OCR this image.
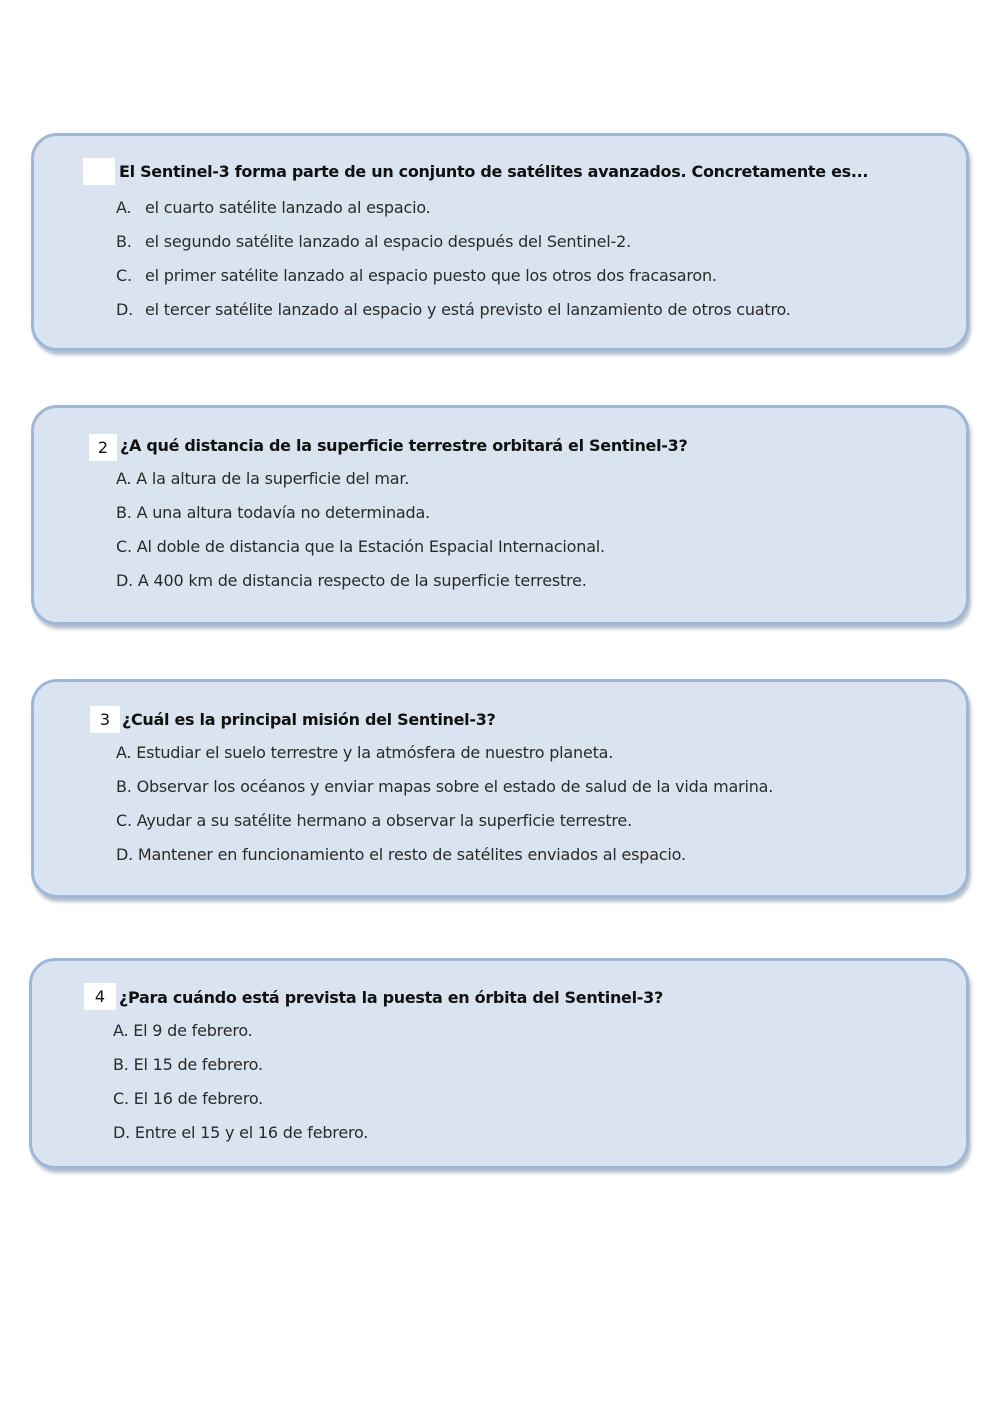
El Sentinel-3 forma parte de un conjunto de satélites avanzados. Concretamente es...
A. el cuarto satélite lanzado al espacio.
B. el segundo satélite lanzado al espacio después del Sentinel-2.
C. el primer satélite lanzado al espacio puesto que los otros dos fracasaron.
D. el tercer satélite lanzado al espacio y está previsto el lanzamiento de otros cuatro.
2 ¿A qué distancia de la superficie terrestre orbitará el Sentinel-3?
A. A la altura de la superficie del mar.
B. A una altura todavía no determinada.
C. Al doble de distancia que la Estación Espacial Internacional.
D. A 400 km de distancia respecto de la superficie terrestre.
3 ¿Cuál es la principal misión del Sentinel-3?
A. Estudiar el suelo terrestre y la atmósfera de nuestro planeta.
B. Observar los océanos y enviar mapas sobre el estado de salud de la vida marina.
C. Ayudar a su satélite hermano a observar la superficie terrestre.
D. Mantener en funcionamiento el resto de satélites enviados al espacio.
4 ¿Para cuándo está prevista la puesta en órbita del Sentinel-3?
A. El 9 de febrero.
B. El 15 de febrero.
C. El 16 de febrero.
D. Entre el 15 y el 16 de febrero.
